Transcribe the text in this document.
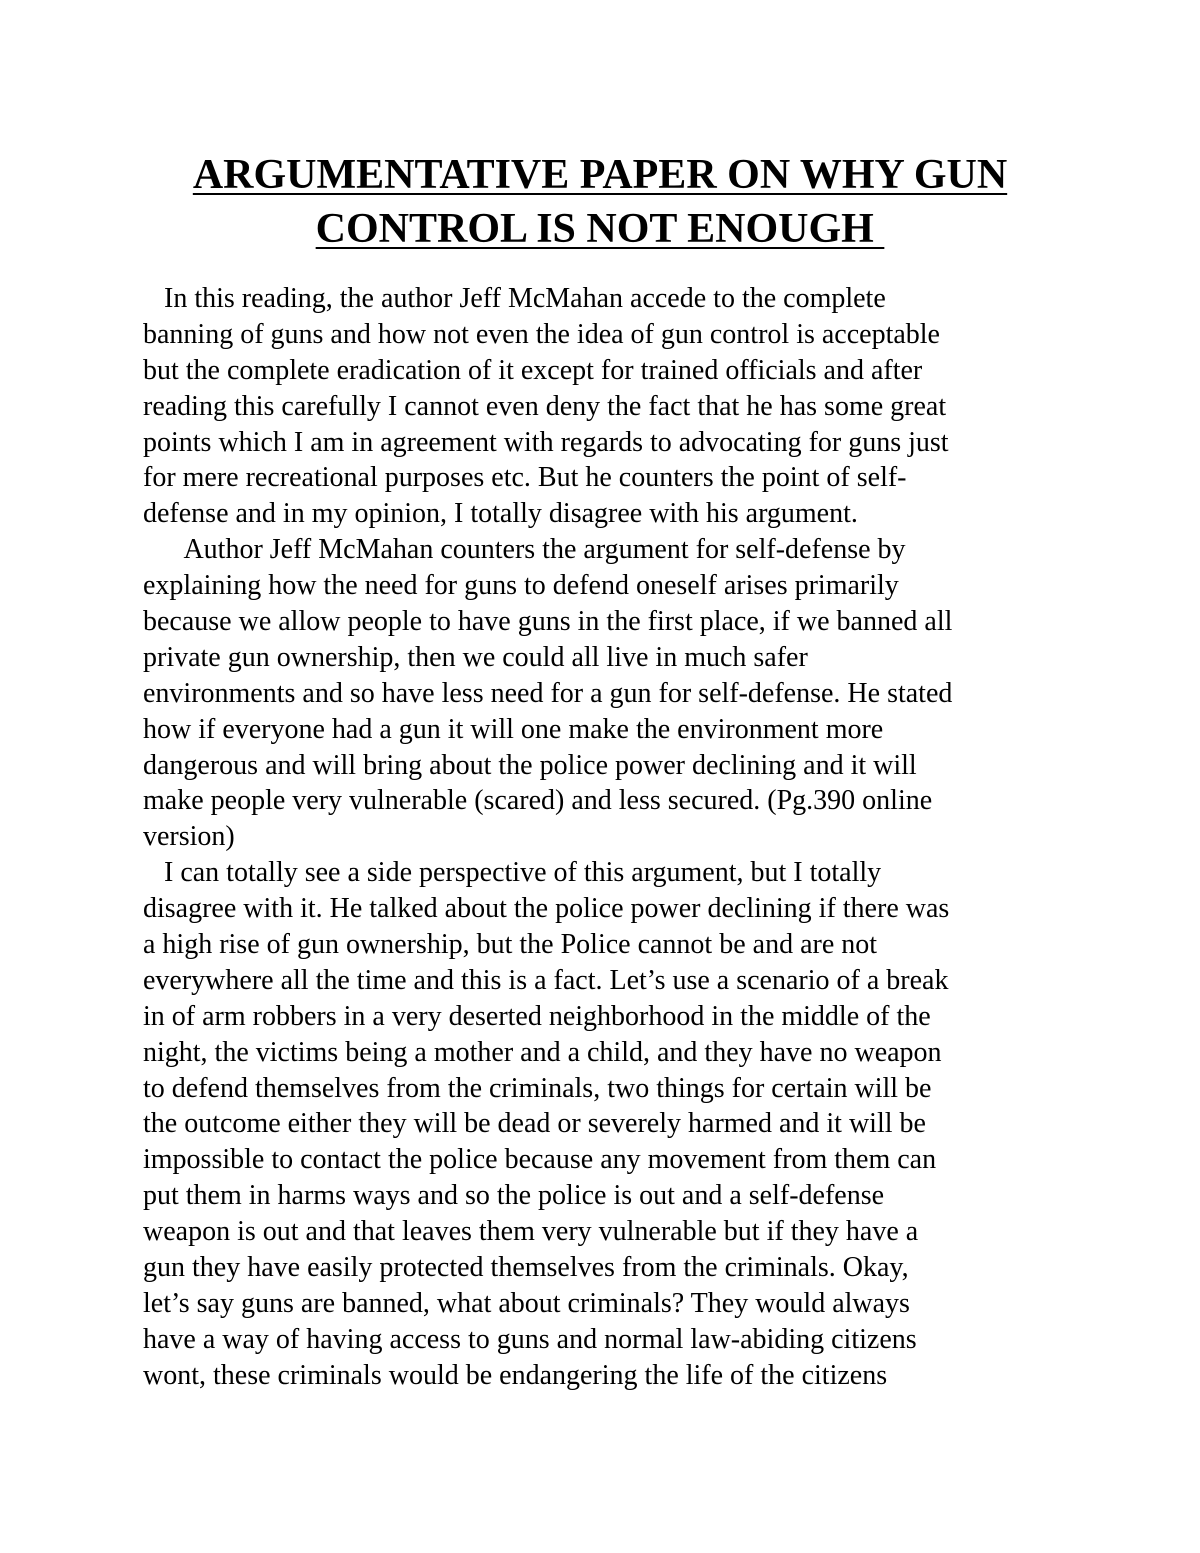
ARGUMENTATIVE PAPER ON WHY GUN
CONTROL IS NOT ENOUGH
In this reading, the author Jeff McMahan accede to the complete
banning of guns and how not even the idea of gun control is acceptable
but the complete eradication of it except for trained officials and after
reading this carefully I cannot even deny the fact that he has some great
points which I am in agreement with regards to advocating for guns just
for mere recreational purposes etc. But he counters the point of self-
defense and in my opinion, I totally disagree with his argument.
Author Jeff McMahan counters the argument for self-defense by
explaining how the need for guns to defend oneself arises primarily
because we allow people to have guns in the first place, if we banned all
private gun ownership, then we could all live in much safer
environments and so have less need for a gun for self-defense. He stated
how if everyone had a gun it will one make the environment more
dangerous and will bring about the police power declining and it will
make people very vulnerable (scared) and less secured. (Pg.390 online
version)
I can totally see a side perspective of this argument, but I totally
disagree with it. He talked about the police power declining if there was
a high rise of gun ownership, but the Police cannot be and are not
everywhere all the time and this is a fact. Let’s use a scenario of a break
in of arm robbers in a very deserted neighborhood in the middle of the
night, the victims being a mother and a child, and they have no weapon
to defend themselves from the criminals, two things for certain will be
the outcome either they will be dead or severely harmed and it will be
impossible to contact the police because any movement from them can
put them in harms ways and so the police is out and a self-defense
weapon is out and that leaves them very vulnerable but if they have a
gun they have easily protected themselves from the criminals. Okay,
let’s say guns are banned, what about criminals? They would always
have a way of having access to guns and normal law-abiding citizens
wont, these criminals would be endangering the life of the citizens
